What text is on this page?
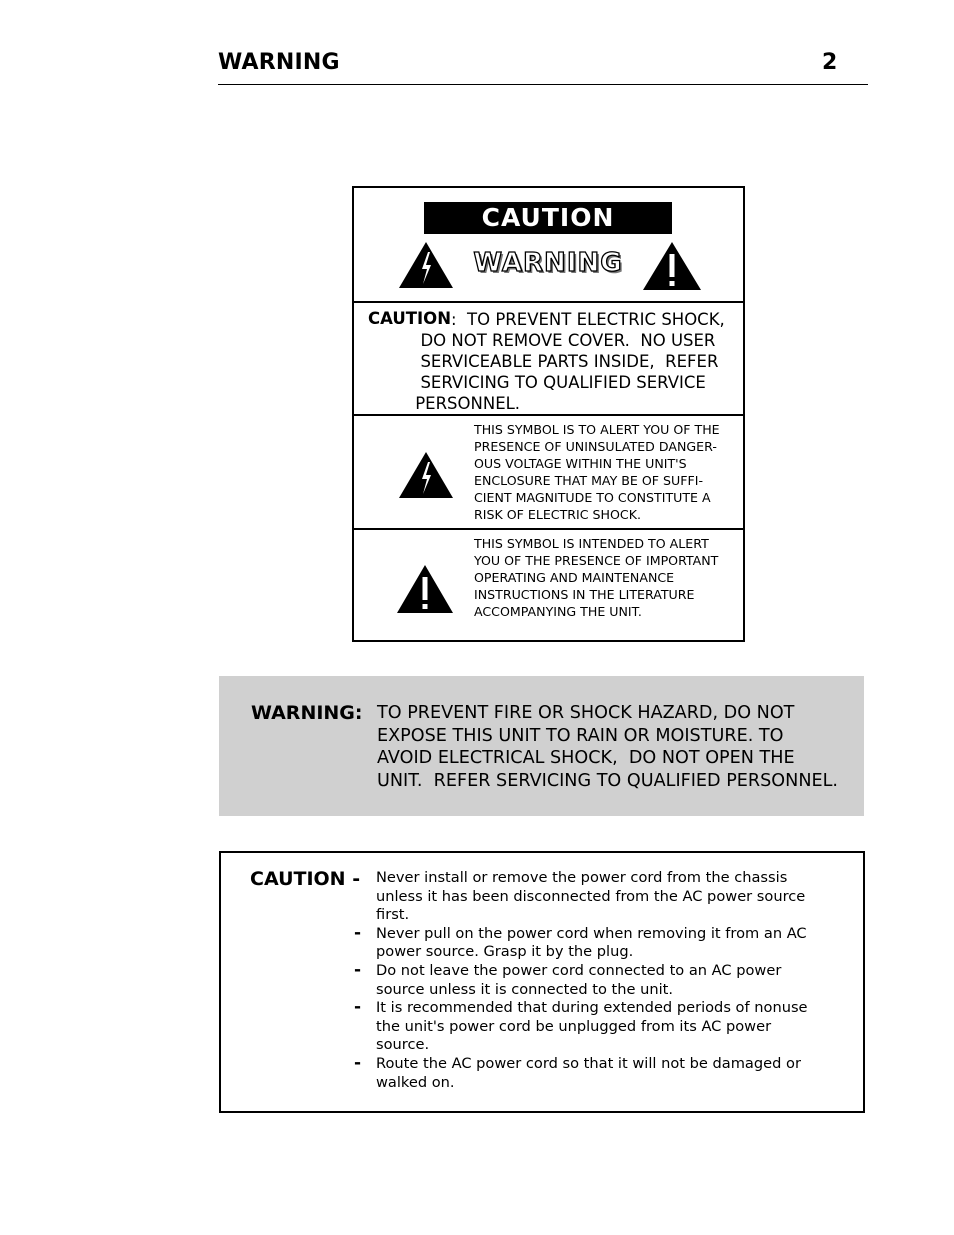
WARNING	2
CAUTION
WARNING
:  TO PREVENT ELECTRIC SHOCK,
DO NOT REMOVE COVER.  NO USER
SERVICEABLE PARTS INSIDE,  REFER
SERVICING TO QUALIFIED SERVICE
PERSONNEL.
CAUTION
THIS SYMBOL IS TO ALERT YOU OF THE
PRESENCE OF UNINSULATED DANGER-
OUS VOLTAGE WITHIN THE UNIT'S
ENCLOSURE THAT MAY BE OF SUFFI-
CIENT MAGNITUDE TO CONSTITUTE A
RISK OF ELECTRIC SHOCK.
THIS SYMBOL IS INTENDED TO ALERT
YOU OF THE PRESENCE OF IMPORTANT
OPERATING AND MAINTENANCE
INSTRUCTIONS IN THE LITERATURE
ACCOMPANYING THE UNIT.
WARNING: TO PREVENT FIRE OR SHOCK HAZARD, DO NOT
EXPOSE THIS UNIT TO RAIN OR MOISTURE. TO
AVOID ELECTRICAL SHOCK,  DO NOT OPEN THE
UNIT.  REFER SERVICING TO QUALIFIED PERSONNEL.
CAUTION - Never install or remove the power cord from the chassis
unless it has been disconnected from the AC power source
first.
- Never pull on the power cord when removing it from an AC
power source. Grasp it by the plug.
- Do not leave the power cord connected to an AC power
source unless it is connected to the unit.
- It is recommended that during extended periods of nonuse
the unit's power cord be unplugged from its AC power
source.
- Route the AC power cord so that it will not be damaged or
walked on.
